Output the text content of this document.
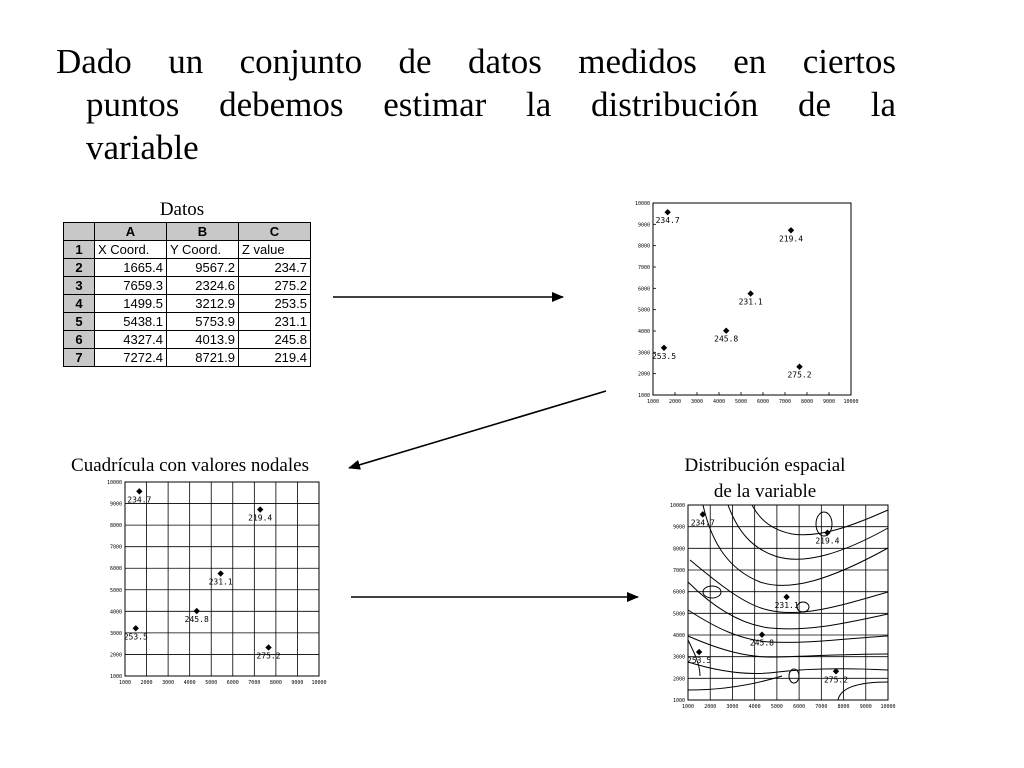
Dado un conjunto de datos medidos en ciertos
puntos debemos estimar la distribución de la
variable
Datos
	A	B	C
1	X Coord.	Y Coord.	Z value
2	1665.4	9567.2	234.7
3	7659.3	2324.6	275.2
4	1499.5	3212.9	253.5
5	5438.1	5753.9	231.1
6	4327.4	4013.9	245.8
7	7272.4	8721.9	219.4
Cuadrícula con valores nodales	Distribución espacial
de la variable
1000
1000
2000
2000
3000
3000
4000
4000
5000
5000
6000
6000
7000
7000
8000
8000
9000
9000
10000
10000
234.7
275.2
253.5
231.1
245.8
219.4
1000
1000
2000
2000
3000
3000
4000
4000
5000
5000
6000
6000
7000
7000
8000
8000
9000
9000
10000
10000
234.7
275.2
253.5
231.1
245.8
219.4
1000
1000
2000
2000
3000
3000
4000
4000
5000
5000
6000
6000
7000
7000
8000
8000
9000
9000
10000
10000
234.7
275.2
253.5
231.1
245.8
219.4
